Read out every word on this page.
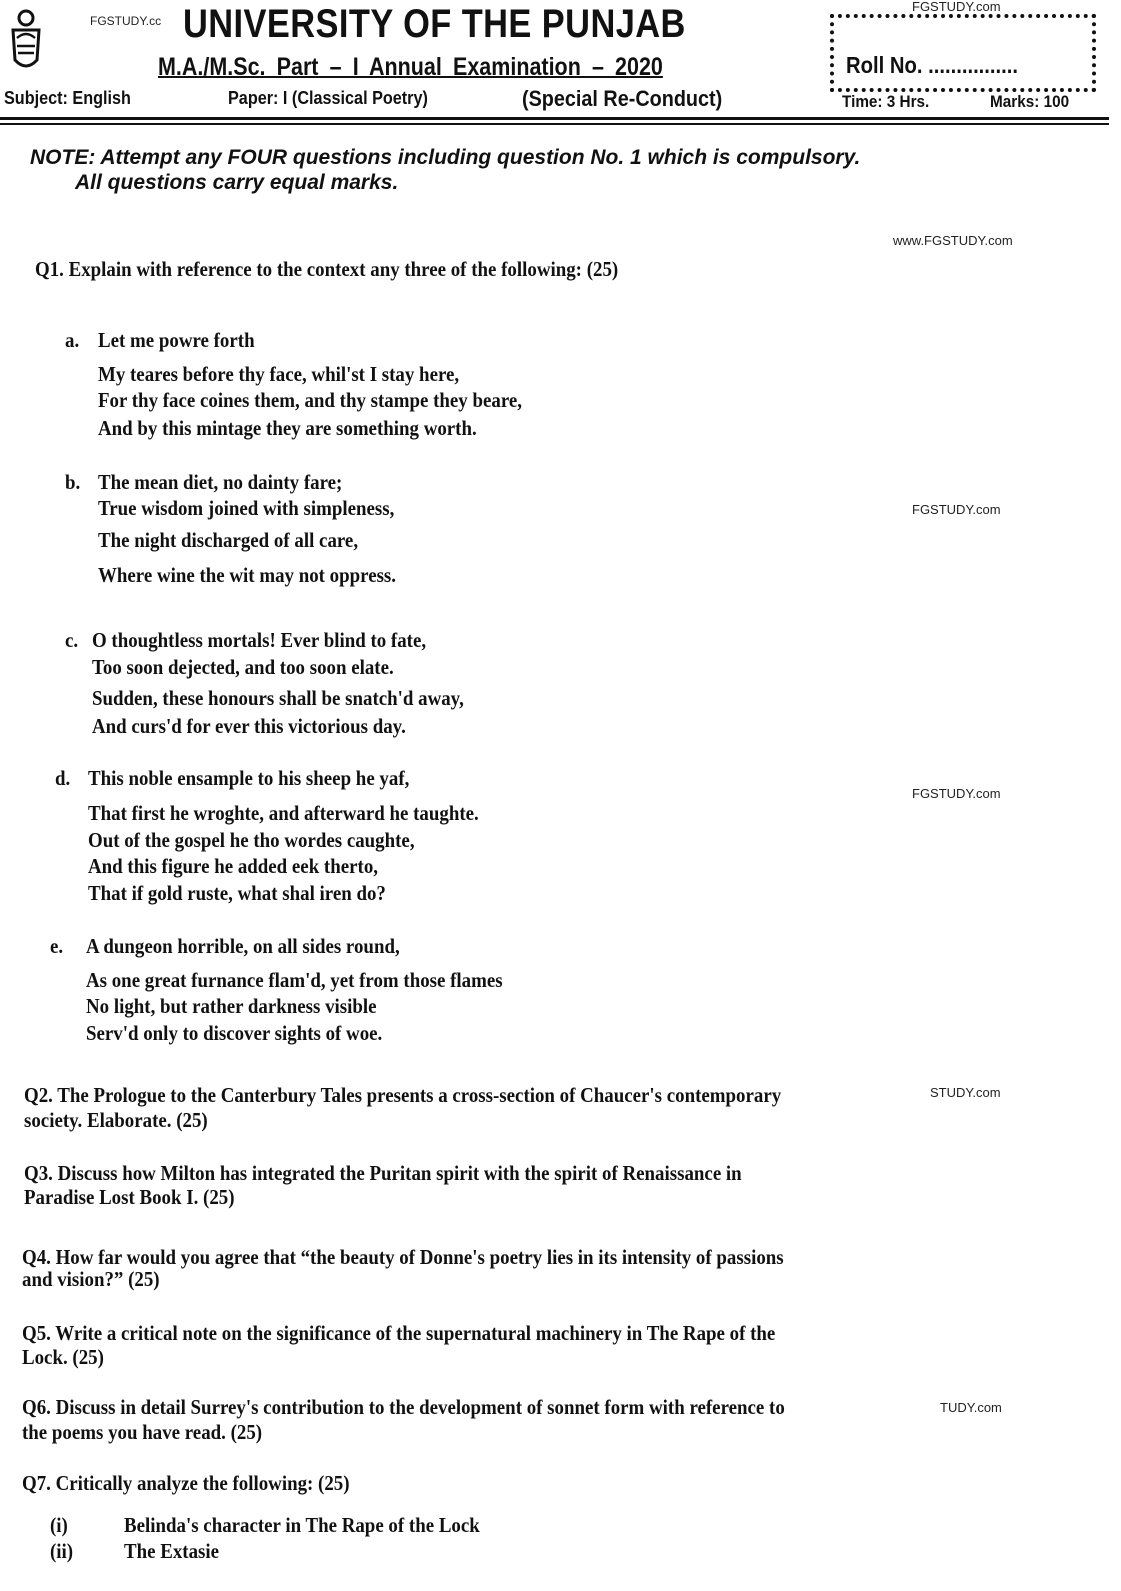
FGSTUDY.cc UNIVERSITY OF THE PUNJAB
M.A./M.Sc. Part – I Annual Examination – 2020
FGSTUDY.com
Roll No. ................
Subject: English	Paper: I (Classical Poetry)	(Special Re-Conduct)	Time: 3 Hrs.	Marks: 100
NOTE: Attempt any FOUR questions including question No. 1 which is compulsory.
All questions carry equal marks.
www.FGSTUDY.com
FGSTUDY.com
FGSTUDY.com
STUDY.com
TUDY.com
Q1. Explain with reference to the context any three of the following: (25)
a. Let me powre forth
My teares before thy face, whil'st I stay here,
For thy face coines them, and thy stampe they beare,
And by this mintage they are something worth.
b. The mean diet, no dainty fare;
True wisdom joined with simpleness,
The night discharged of all care,
Where wine the wit may not oppress.
c. O thoughtless mortals! Ever blind to fate,
Too soon dejected, and too soon elate.
Sudden, these honours shall be snatch'd away,
And curs'd for ever this victorious day.
d. This noble ensample to his sheep he yaf,
That first he wroghte, and afterward he taughte.
Out of the gospel he tho wordes caughte,
And this figure he added eek therto,
That if gold ruste, what shal iren do?
e. A dungeon horrible, on all sides round,
As one great furnance flam'd, yet from those flames
No light, but rather darkness visible
Serv'd only to discover sights of woe.
Q2. The Prologue to the Canterbury Tales presents a cross-section of Chaucer's contemporary
society. Elaborate. (25)
Q3. Discuss how Milton has integrated the Puritan spirit with the spirit of Renaissance in
Paradise Lost Book I. (25)
Q4. How far would you agree that “the beauty of Donne's poetry lies in its intensity of passions
and vision?” (25)
Q5. Write a critical note on the significance of the supernatural machinery in The Rape of the
Lock. (25)
Q6. Discuss in detail Surrey's contribution to the development of sonnet form with reference to
the poems you have read. (25)
Q7. Critically analyze the following: (25)
(i)	Belinda's character in The Rape of the Lock
(ii) The Extasie
